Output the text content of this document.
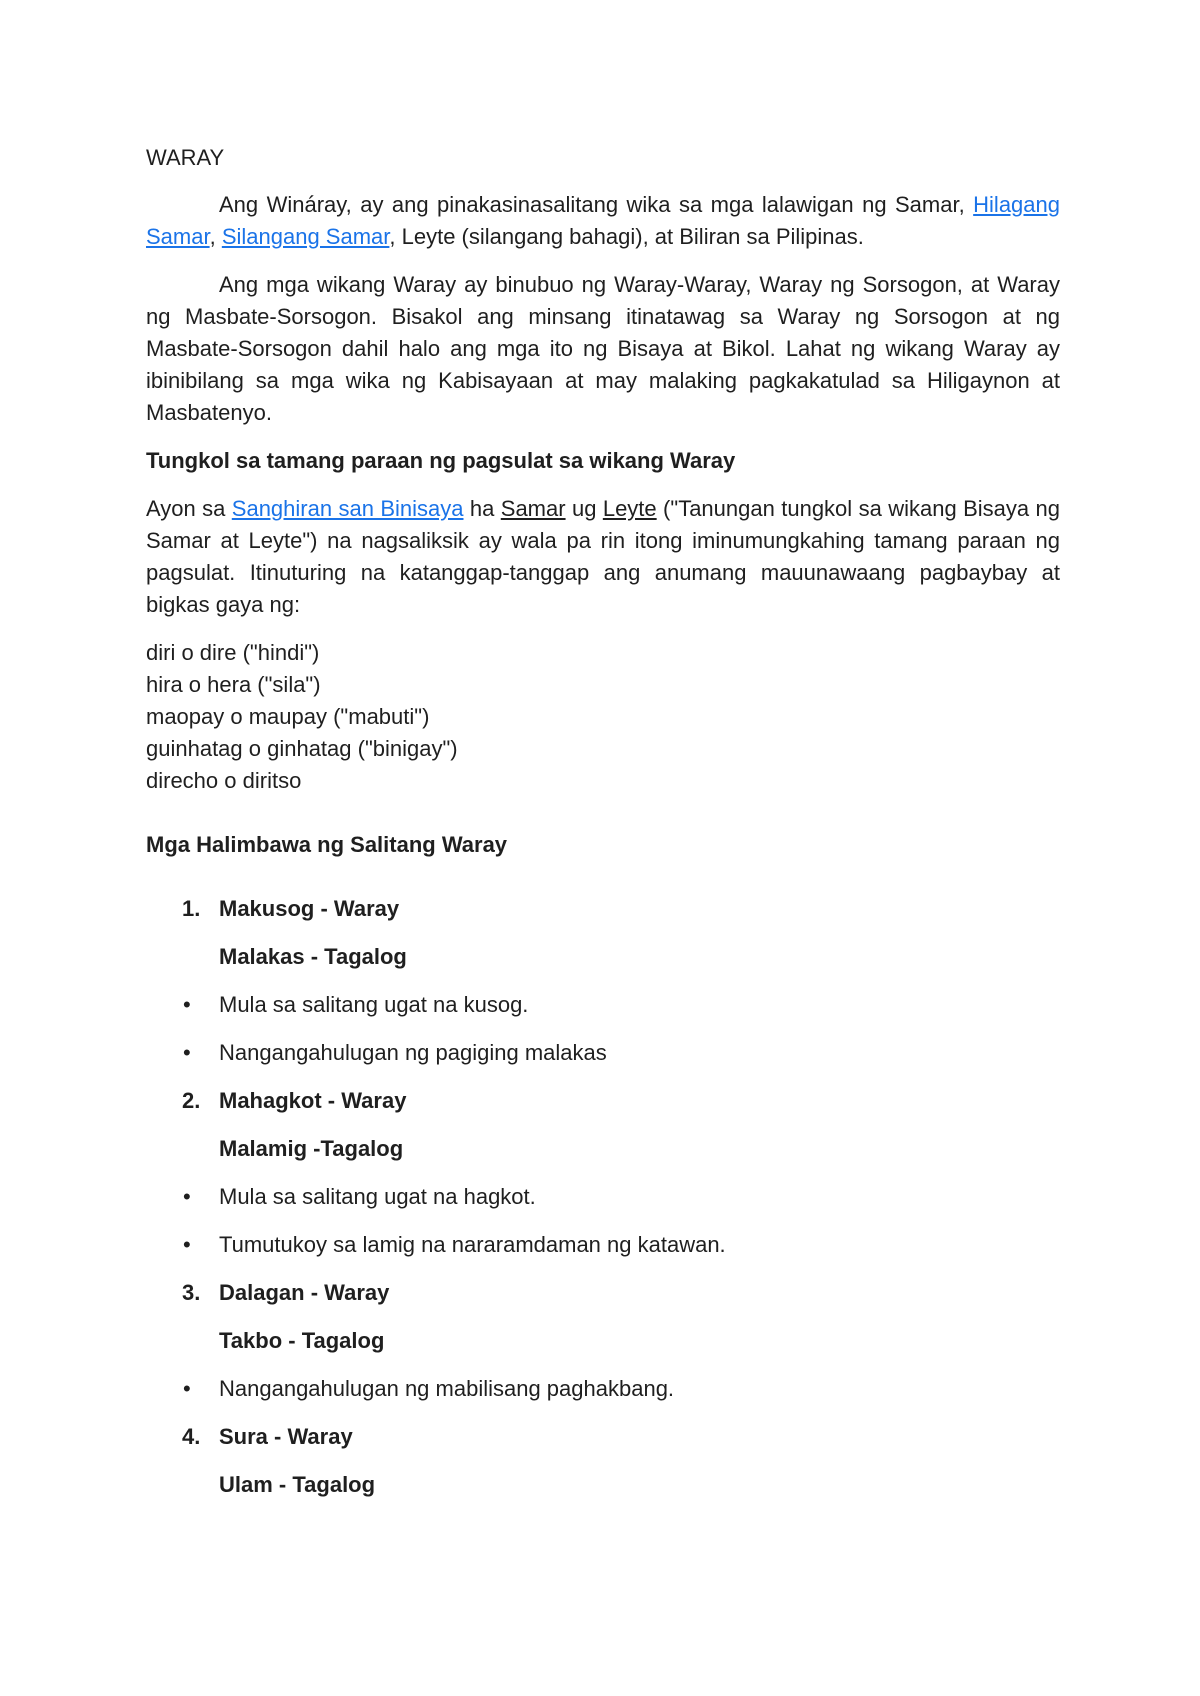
WARAY

Ang Wináray, ay ang pinakasinasalitang wika sa mga lalawigan ng Samar, Hilagang Samar, Silangang Samar, Leyte (silangang bahagi), at Biliran sa Pilipinas.

Ang mga wikang Waray ay binubuo ng Waray-Waray, Waray ng Sorsogon, at Waray ng Masbate-Sorsogon. Bisakol ang minsang itinatawag sa Waray ng Sorsogon at ng Masbate-Sorsogon dahil halo ang mga ito ng Bisaya at Bikol. Lahat ng wikang Waray ay ibinibilang sa mga wika ng Kabisayaan at may malaking pagkakatulad sa Hiligaynon at Masbatenyo.

Tungkol sa tamang paraan ng pagsulat sa wikang Waray

Ayon sa Sanghiran san Binisaya ha Samar ug Leyte ("Tanungan tungkol sa wikang Bisaya ng Samar at Leyte") na nagsaliksik ay wala pa rin itong iminumungkahing tamang paraan ng pagsulat. Itinuturing na katanggap-tanggap ang anumang mauunawaang pagbaybay at bigkas gaya ng:

diri o dire ("hindi")
hira o hera ("sila")
maopay o maupay ("mabuti")
guinhatag o ginhatag ("binigay")
direcho o diritso

Mga Halimbawa ng Salitang Waray

1. Makusog - Waray
Malakas - Tagalog
• Mula sa salitang ugat na kusog.
• Nangangahulugan ng pagiging malakas
2. Mahagkot - Waray
Malamig -Tagalog
• Mula sa salitang ugat na hagkot.
• Tumutukoy sa lamig na nararamdaman ng katawan.
3. Dalagan - Waray
Takbo - Tagalog
• Nangangahulugan ng mabilisang paghakbang.
4. Sura - Waray
Ulam - Tagalog
